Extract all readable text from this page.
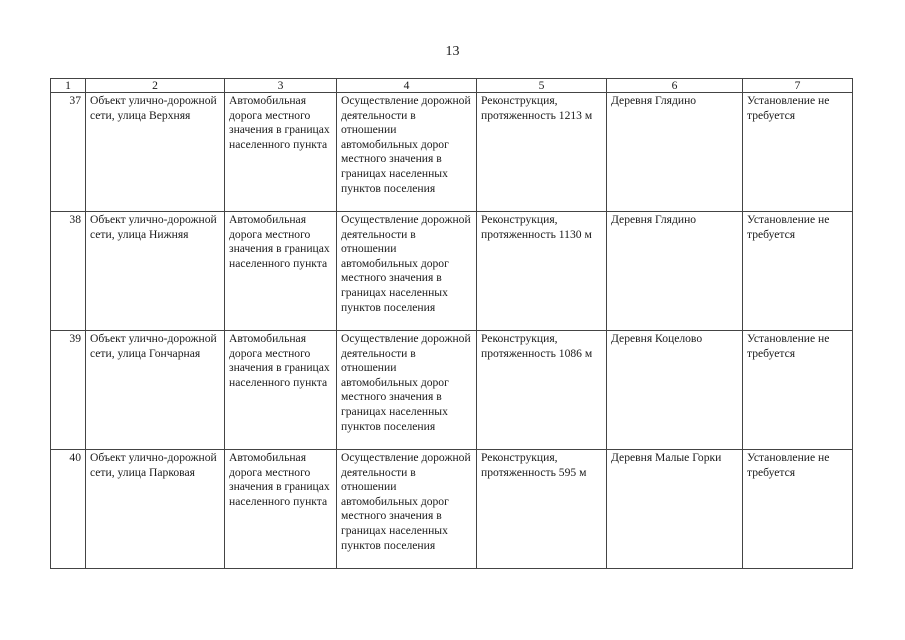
13
1	2	3	4	5	6	7
37	Объект улично-дорожной сети, улица Верхняя	Автомобильная дорога местного значения в границах населенного пункта	Осуществление дорожной деятельности в отношении автомобильных дорог местного значения в границах населенных пунктов поселения	Реконструкция, протяженность 1213 м	Деревня Глядино	Установление не требуется
38	Объект улично-дорожной сети, улица Нижняя	Автомобильная дорога местного значения в границах населенного пункта	Осуществление дорожной деятельности в отношении автомобильных дорог местного значения в границах населенных пунктов поселения	Реконструкция, протяженность 1130 м	Деревня Глядино	Установление не требуется
39	Объект улично-дорожной сети, улица Гончарная	Автомобильная дорога местного значения в границах населенного пункта	Осуществление дорожной деятельности в отношении автомобильных дорог местного значения в границах населенных пунктов поселения	Реконструкция, протяженность 1086 м	Деревня Коцелово	Установление не требуется
40	Объект улично-дорожной сети, улица Парковая	Автомобильная дорога местного значения в границах населенного пункта	Осуществление дорожной деятельности в отношении автомобильных дорог местного значения в границах населенных пунктов поселения	Реконструкция, протяженность 595 м	Деревня Малые Горки	Установление не требуется
